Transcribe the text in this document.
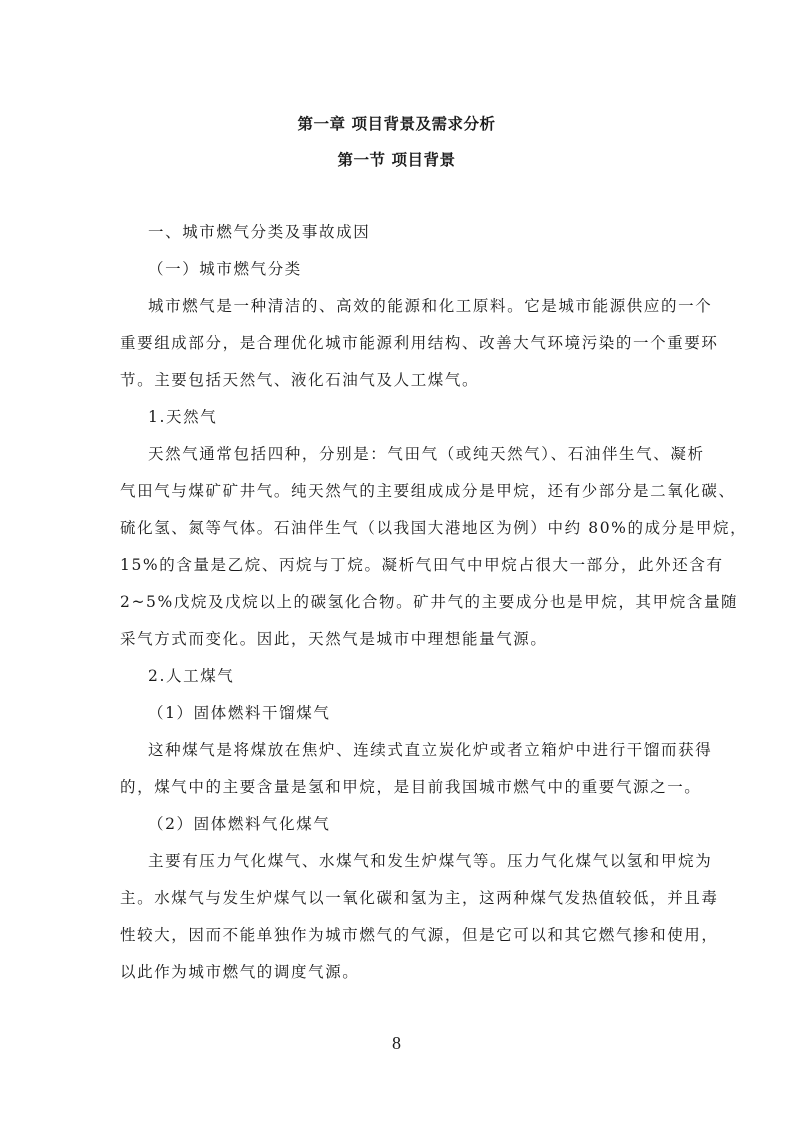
第一章 项目背景及需求分析
第一节 项目背景
一、城市燃气分类及事故成因
（一）城市燃气分类
城市燃气是一种清洁的、高效的能源和化工原料。它是城市能源供应的一个
重要组成部分，是合理优化城市能源利用结构、改善大气环境污染的一个重要环
节。主要包括天然气、液化石油气及人工煤气。
1.天然气
天然气通常包括四种，分别是：气田气（或纯天然气）、石油伴生气、凝析
气田气与煤矿矿井气。纯天然气的主要组成成分是甲烷，还有少部分是二氧化碳、
硫化氢、氮等气体。石油伴生气（以我国大港地区为例）中约 80%的成分是甲烷，
15%的含量是乙烷、丙烷与丁烷。凝析气田气中甲烷占很大一部分，此外还含有
2~5%戊烷及戊烷以上的碳氢化合物。矿井气的主要成分也是甲烷，其甲烷含量随
采气方式而变化。因此，天然气是城市中理想能量气源。
2.人工煤气
（1）固体燃料干馏煤气
这种煤气是将煤放在焦炉、连续式直立炭化炉或者立箱炉中进行干馏而获得
的，煤气中的主要含量是氢和甲烷，是目前我国城市燃气中的重要气源之一。
（2）固体燃料气化煤气
主要有压力气化煤气、水煤气和发生炉煤气等。压力气化煤气以氢和甲烷为
主。水煤气与发生炉煤气以一氧化碳和氢为主，这两种煤气发热值较低，并且毒
性较大，因而不能单独作为城市燃气的气源，但是它可以和其它燃气掺和使用，
以此作为城市燃气的调度气源。
8
